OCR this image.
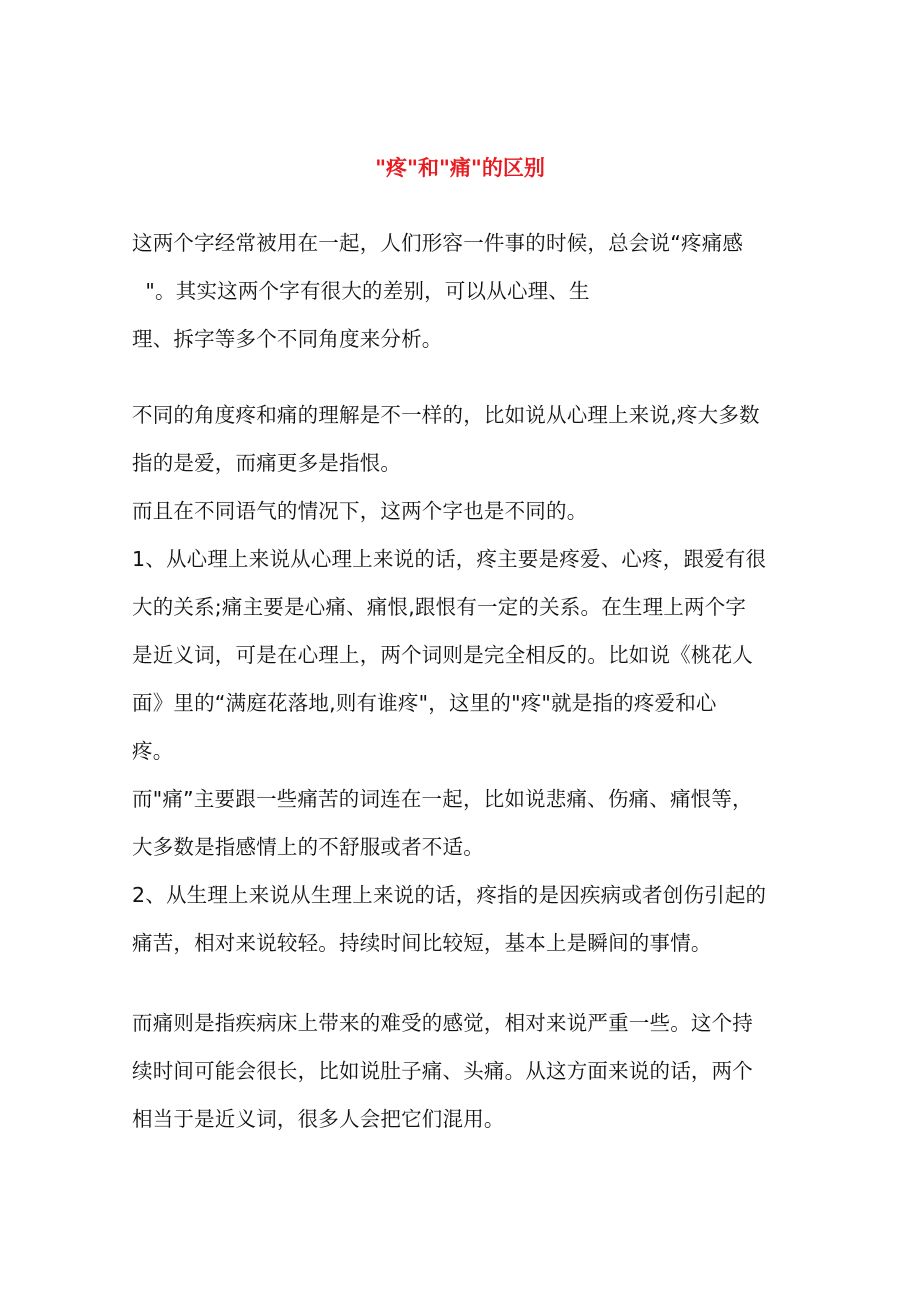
"疼"和"痛"的区别
这两个字经常被用在一起，人们形容一件事的时候，总会说“疼痛感
"。其实这两个字有很大的差别，可以从心理、生
理、拆字等多个不同角度来分析。
不同的角度疼和痛的理解是不一样的，比如说从心理上来说,疼大多数
指的是爱，而痛更多是指恨。
而且在不同语气的情况下，这两个字也是不同的。
1、从心理上来说从心理上来说的话，疼主要是疼爱、心疼，跟爱有很
大的关系;痛主要是心痛、痛恨,跟恨有一定的关系。在生理上两个字
是近义词，可是在心理上，两个词则是完全相反的。比如说《桃花人
面》里的“满庭花落地,则有谁疼"，这里的"疼"就是指的疼爱和心
疼。
而"痛”主要跟一些痛苦的词连在一起，比如说悲痛、伤痛、痛恨等，
大多数是指感情上的不舒服或者不适。
2、从生理上来说从生理上来说的话，疼指的是因疾病或者创伤引起的
痛苦，相对来说较轻。持续时间比较短，基本上是瞬间的事情。
而痛则是指疾病床上带来的难受的感觉，相对来说严重一些。这个持
续时间可能会很长，比如说肚子痛、头痛。从这方面来说的话，两个
相当于是近义词，很多人会把它们混用。
